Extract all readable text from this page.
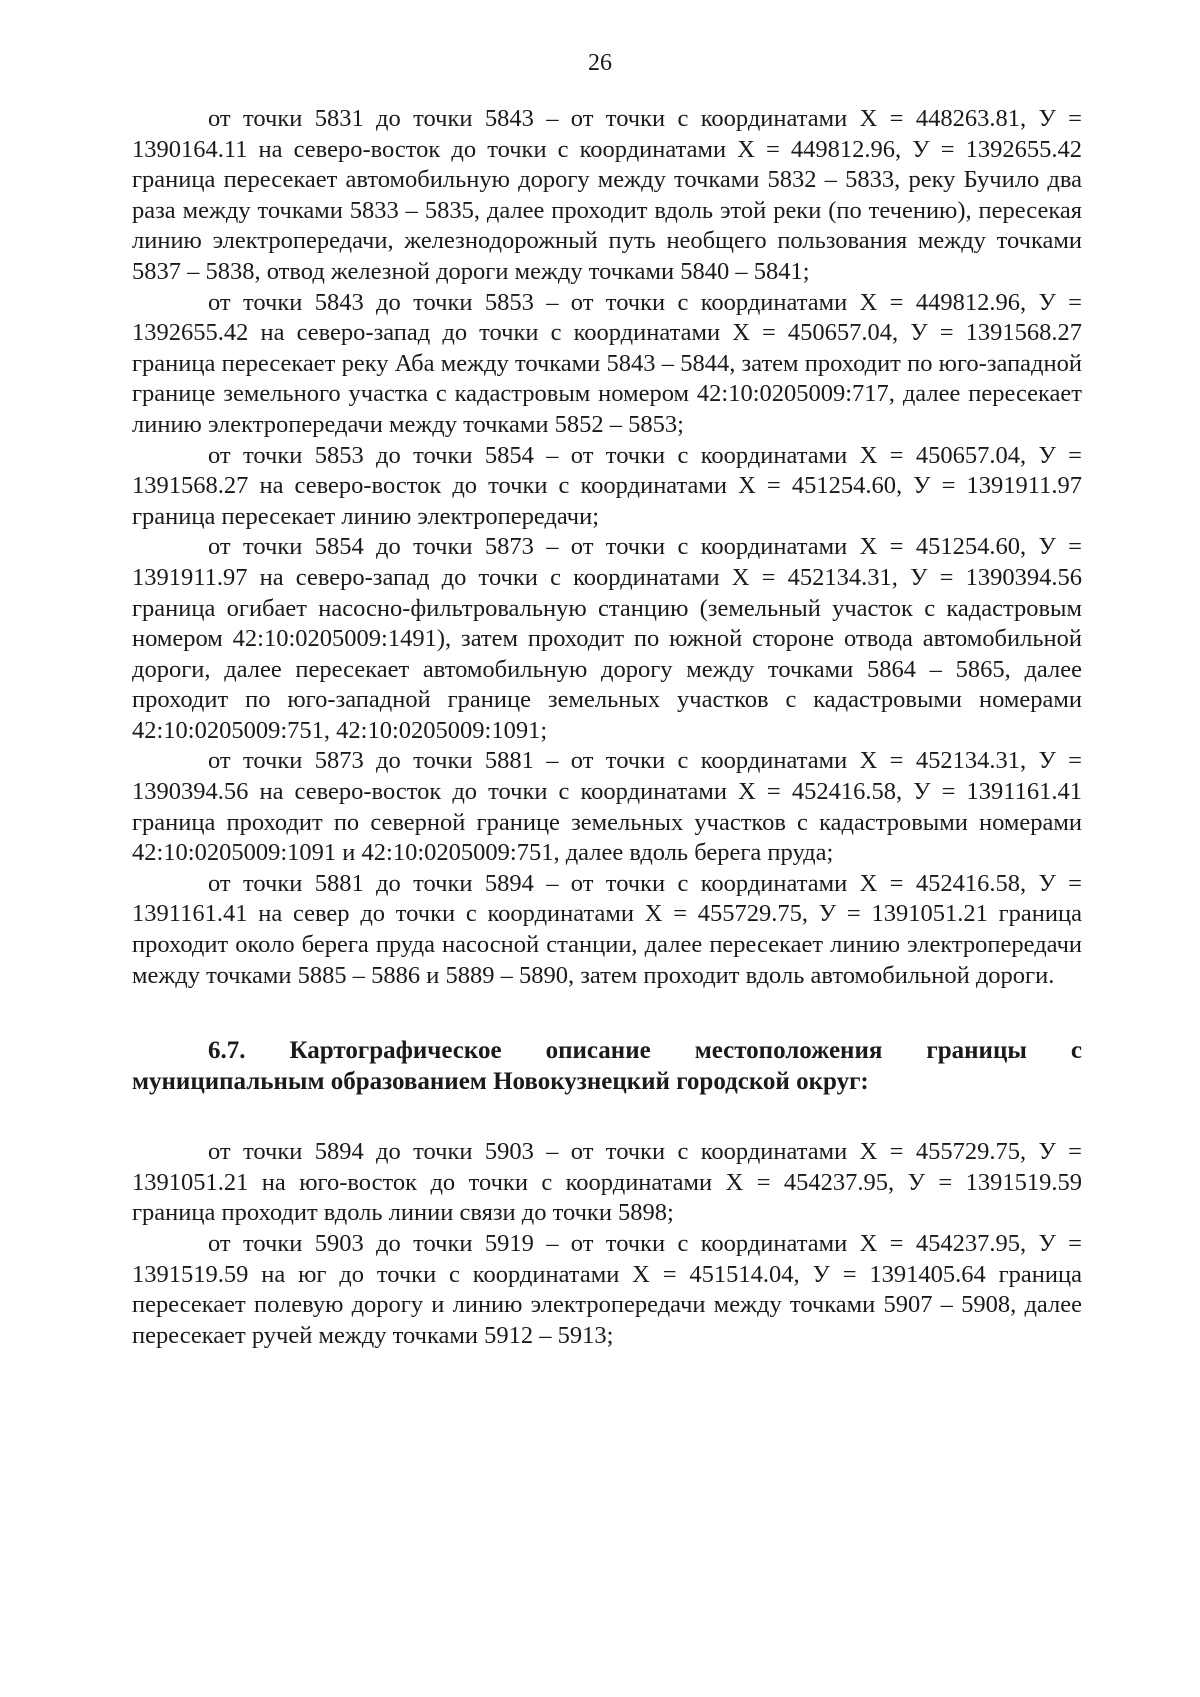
26

от точки 5831 до точки 5843 – от точки с координатами Х = 448263.81, У = 1390164.11 на северо-восток до точки с координатами Х = 449812.96, У = 1392655.42 граница пересекает автомобильную дорогу между точками 5832 – 5833, реку Бучило два раза между точками 5833 – 5835, далее проходит вдоль этой реки (по течению), пересекая линию электропередачи, железнодорожный путь необщего пользования между точками 5837 – 5838, отвод железной дороги между точками 5840 – 5841;

от точки 5843 до точки 5853 – от точки с координатами Х = 449812.96, У = 1392655.42 на северо-запад до точки с координатами Х = 450657.04, У = 1391568.27 граница пересекает реку Аба между точками 5843 – 5844, затем проходит по юго-западной границе земельного участка с кадастровым номером 42:10:0205009:717, далее пересекает линию электропередачи между точками 5852 – 5853;

от точки 5853 до точки 5854 – от точки с координатами Х = 450657.04, У = 1391568.27 на северо-восток до точки с координатами Х = 451254.60, У = 1391911.97 граница пересекает линию электропередачи;

от точки 5854 до точки 5873 – от точки с координатами Х = 451254.60, У = 1391911.97 на северо-запад до точки с координатами Х = 452134.31, У = 1390394.56 граница огибает насосно-фильтровальную станцию (земельный участок с кадастровым номером 42:10:0205009:1491), затем проходит по южной стороне отвода автомобильной дороги, далее пересекает автомобильную дорогу между точками 5864 – 5865, далее проходит по юго-западной границе земельных участков с кадастровыми номерами 42:10:0205009:751, 42:10:0205009:1091;

от точки 5873 до точки 5881 – от точки с координатами Х = 452134.31, У = 1390394.56 на северо-восток до точки с координатами Х = 452416.58, У = 1391161.41 граница проходит по северной границе земельных участков с кадастровыми номерами 42:10:0205009:1091 и 42:10:0205009:751, далее вдоль берега пруда;

от точки 5881 до точки 5894 – от точки с координатами Х = 452416.58, У = 1391161.41 на север до точки с координатами Х = 455729.75, У = 1391051.21 граница проходит около берега пруда насосной станции, далее пересекает линию электропередачи между точками 5885 – 5886 и 5889 – 5890, затем проходит вдоль автомобильной дороги.

6.7. Картографическое описание местоположения границы с муниципальным образованием Новокузнецкий городской округ:

от точки 5894 до точки 5903 – от точки с координатами Х = 455729.75, У = 1391051.21 на юго-восток до точки с координатами Х = 454237.95, У = 1391519.59 граница проходит вдоль линии связи до точки 5898;

от точки 5903 до точки 5919 – от точки с координатами Х = 454237.95, У = 1391519.59 на юг до точки с координатами Х = 451514.04, У = 1391405.64 граница пересекает полевую дорогу и линию электропередачи между точками 5907 – 5908, далее пересекает ручей между точками 5912 – 5913;
